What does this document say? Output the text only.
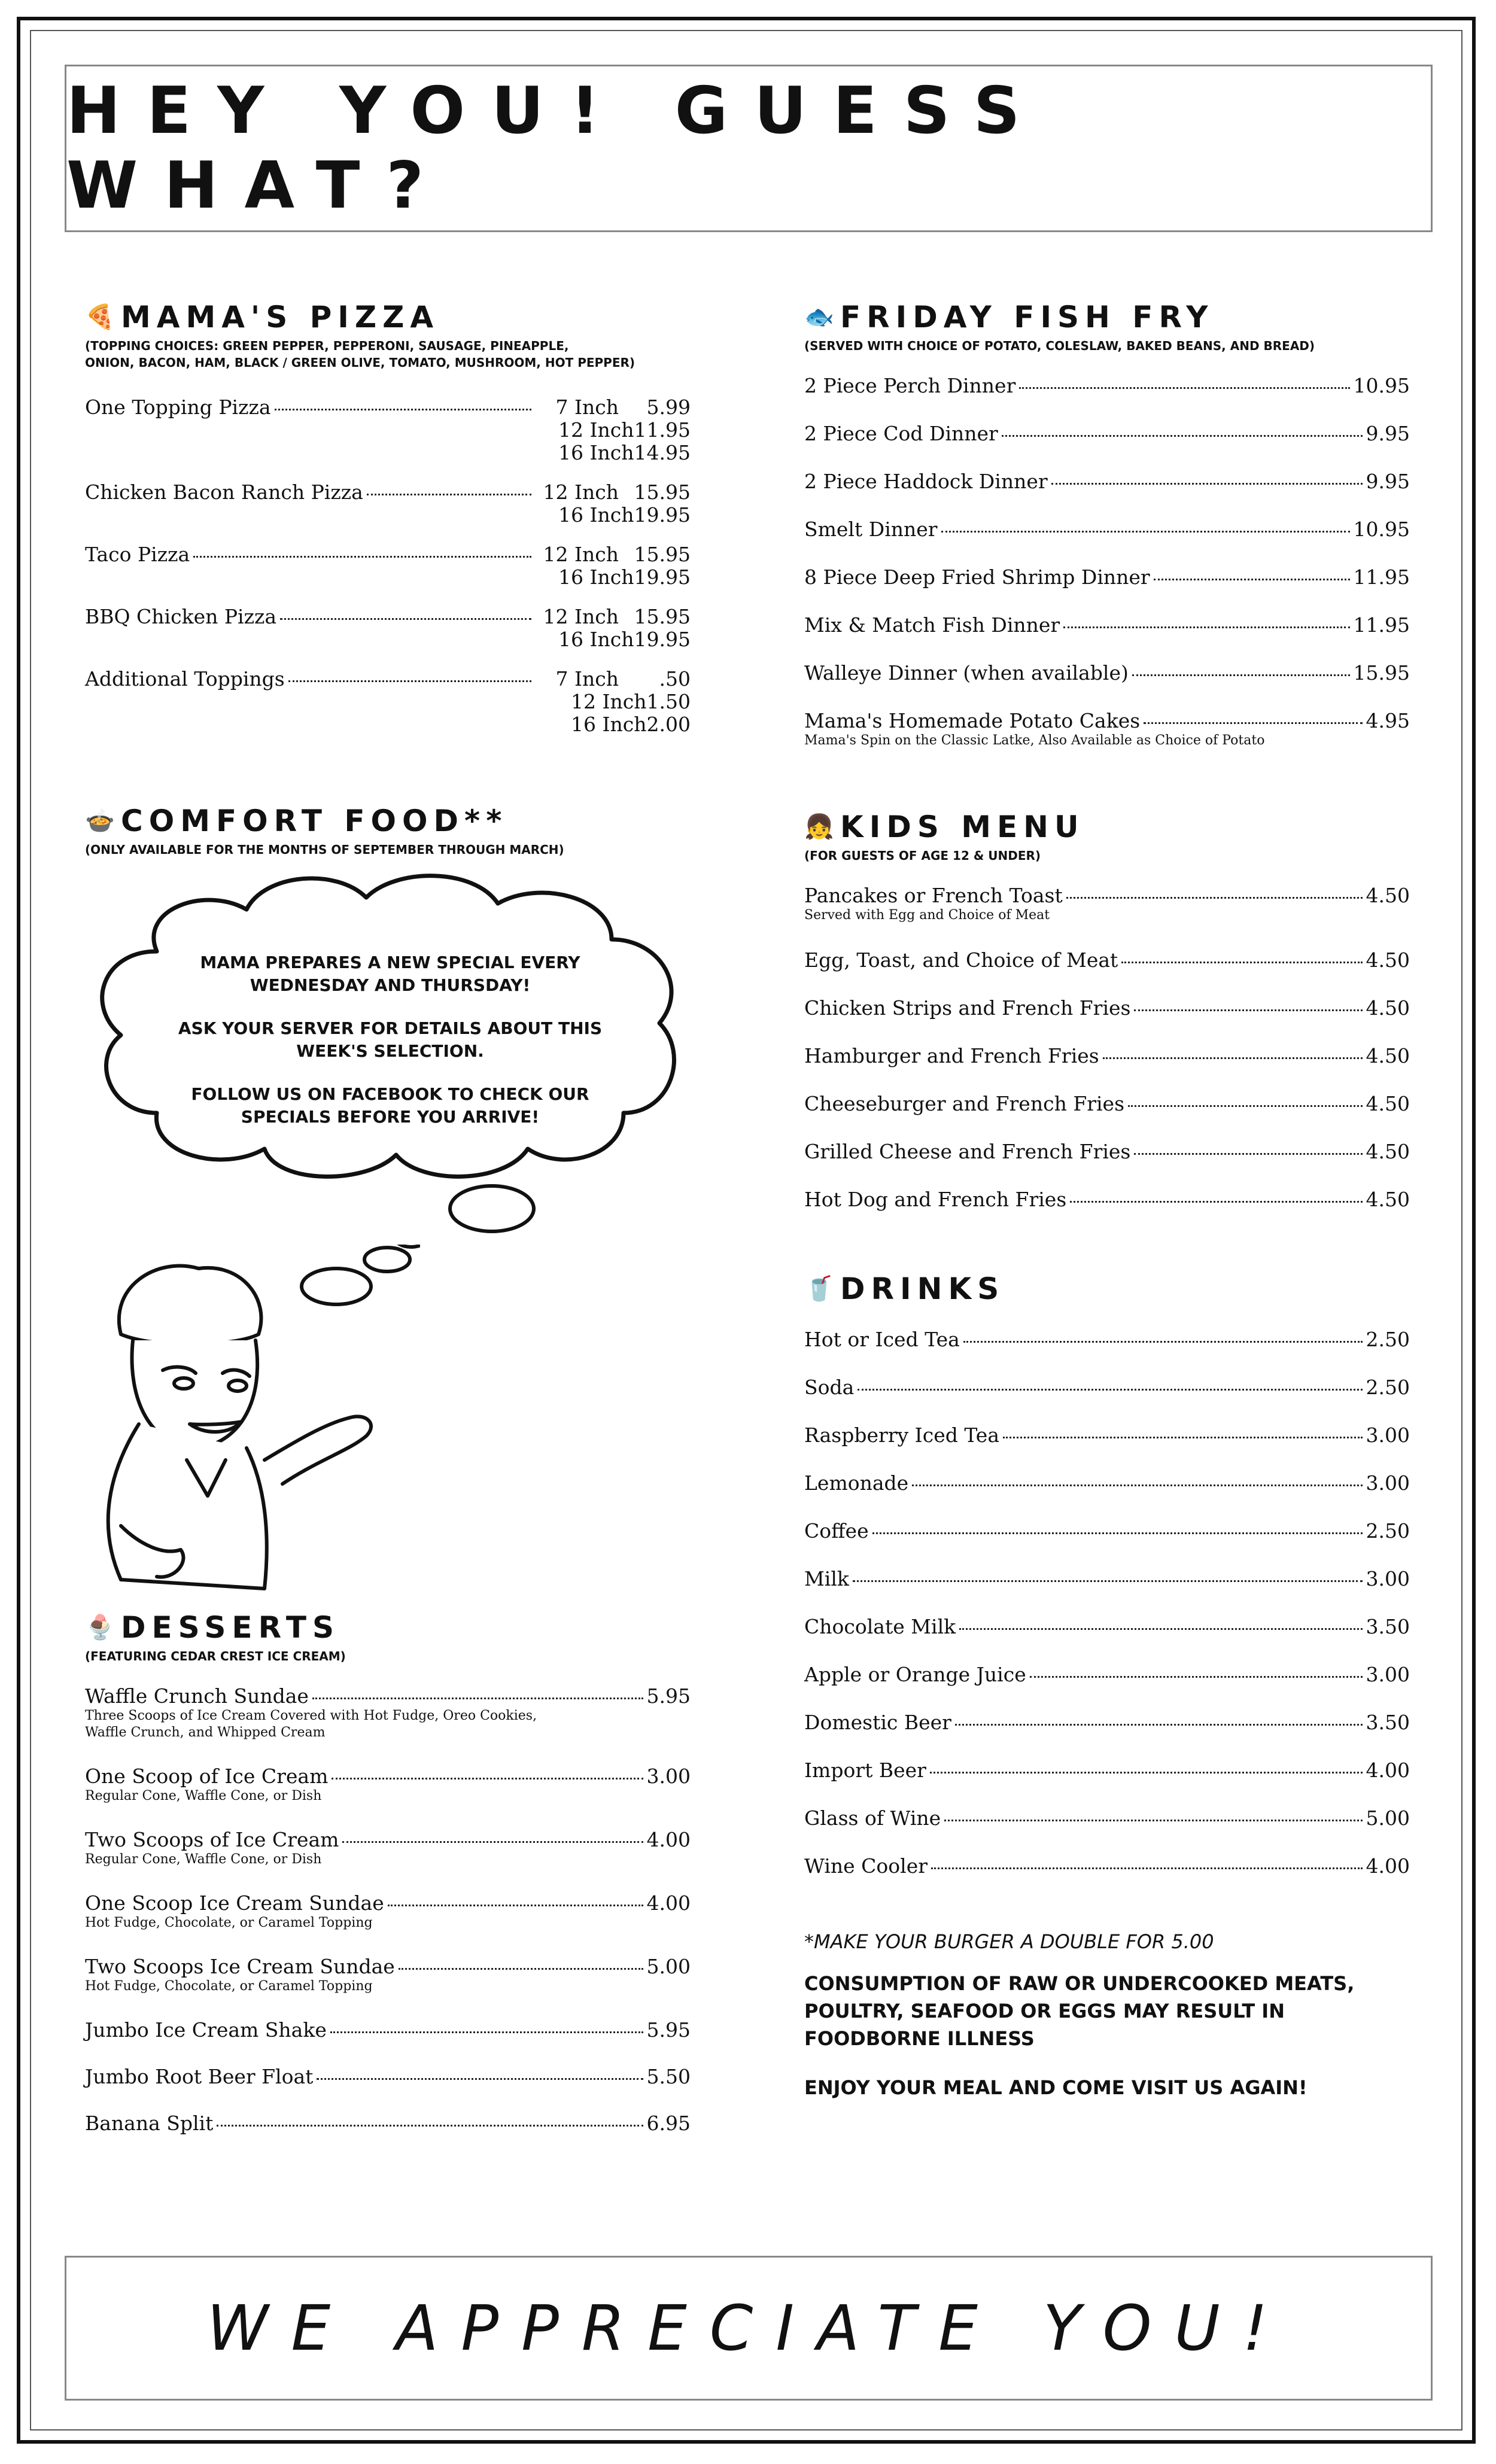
HEY YOU! GUESS WHAT?
🍕 MAMA'S PIZZA
(TOPPING CHOICES: GREEN PEPPER, PEPPERONI, SAUSAGE, PINEAPPLE,
ONION, BACON, HAM, BLACK / GREEN OLIVE, TOMATO, MUSHROOM, HOT PEPPER)
One Topping Pizza	7 Inch 5.99
12 Inch 11.95
16 Inch 14.95
Chicken Bacon Ranch Pizza	12 Inch 15.95
16 Inch 19.95
Taco Pizza	12 Inch 15.95
16 Inch 19.95
BBQ Chicken Pizza	12 Inch 15.95
16 Inch 19.95
Additional Toppings	7 Inch .50
12 Inch 1.50
16 Inch 2.00
🍲 COMFORT FOOD**
(ONLY AVAILABLE FOR THE MONTHS OF SEPTEMBER THROUGH MARCH)

MAMA PREPARES A NEW SPECIAL EVERY
WEDNESDAY AND THURSDAY!

ASK YOUR SERVER FOR DETAILS ABOUT THIS
WEEK'S SELECTION.

FOLLOW US ON FACEBOOK TO CHECK OUR
SPECIALS BEFORE YOU ARRIVE!

🍨 DESSERTS
(FEATURING CEDAR CREST ICE CREAM)
Waffle Crunch Sundae	5.95
Three Scoops of Ice Cream Covered with Hot Fudge, Oreo Cookies,
Waffle Crunch, and Whipped Cream
One Scoop of Ice Cream	3.00
Regular Cone, Waffle Cone, or Dish
Two Scoops of Ice Cream	4.00
Regular Cone, Waffle Cone, or Dish
One Scoop Ice Cream Sundae	4.00
Hot Fudge, Chocolate, or Caramel Topping
Two Scoops Ice Cream Sundae	5.00
Hot Fudge, Chocolate, or Caramel Topping
Jumbo Ice Cream Shake	5.95
Jumbo Root Beer Float	5.50
Banana Split	6.95
🐟 FRIDAY FISH FRY
(SERVED WITH CHOICE OF POTATO, COLESLAW, BAKED BEANS, AND BREAD)
2 Piece Perch Dinner	10.95
2 Piece Cod Dinner	9.95
2 Piece Haddock Dinner	9.95
Smelt Dinner	10.95
8 Piece Deep Fried Shrimp Dinner	11.95
Mix & Match Fish Dinner	11.95
Walleye Dinner (when available)	15.95
Mama's Homemade Potato Cakes	4.95
Mama's Spin on the Classic Latke, Also Available as Choice of Potato
👧 KIDS MENU
(FOR GUESTS OF AGE 12 & UNDER)
Pancakes or French Toast	4.50
Served with Egg and Choice of Meat
Egg, Toast, and Choice of Meat	4.50
Chicken Strips and French Fries	4.50
Hamburger and French Fries	4.50
Cheeseburger and French Fries	4.50
Grilled Cheese and French Fries	4.50
Hot Dog and French Fries	4.50
🥤 DRINKS
Hot or Iced Tea	2.50
Soda	2.50
Raspberry Iced Tea	3.00
Lemonade	3.00
Coffee	2.50
Milk	3.00
Chocolate Milk	3.50
Apple or Orange Juice	3.00
Domestic Beer	3.50
Import Beer	4.00
Glass of Wine	5.00
Wine Cooler	4.00
*MAKE YOUR BURGER A DOUBLE FOR 5.00
CONSUMPTION OF RAW OR UNDERCOOKED MEATS,
POULTRY, SEAFOOD OR EGGS MAY RESULT IN
FOODBORNE ILLNESS
ENJOY YOUR MEAL AND COME VISIT US AGAIN!
WE APPRECIATE YOU!
